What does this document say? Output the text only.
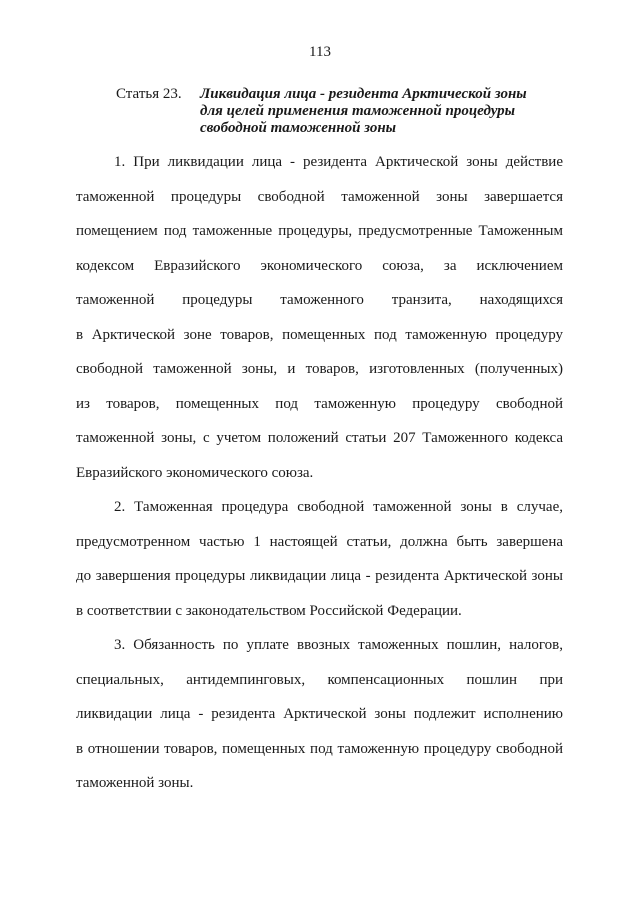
113
Статья 23. Ликвидация лица - резидента Арктической зоны
для целей применения таможенной процедуры
свободной таможенной зоны

1. При ликвидации лица - резидента Арктической зоны действие
таможенной процедуры свободной таможенной зоны завершается
помещением под таможенные процедуры, предусмотренные Таможенным
кодексом Евразийского экономического союза, за исключением
таможенной процедуры таможенного транзита, находящихся
в Арктической зоне товаров, помещенных под таможенную процедуру
свободной таможенной зоны, и товаров, изготовленных (полученных)
из товаров, помещенных под таможенную процедуру свободной
таможенной зоны, с учетом положений статьи 207 Таможенного кодекса
Евразийского экономического союза.

2. Таможенная процедура свободной таможенной зоны в случае,
предусмотренном частью 1 настоящей статьи, должна быть завершена
до завершения процедуры ликвидации лица - резидента Арктической зоны
в соответствии с законодательством Российской Федерации.

3. Обязанность по уплате ввозных таможенных пошлин, налогов,
специальных, антидемпинговых, компенсационных пошлин при
ликвидации лица - резидента Арктической зоны подлежит исполнению
в отношении товаров, помещенных под таможенную процедуру свободной
таможенной зоны.
